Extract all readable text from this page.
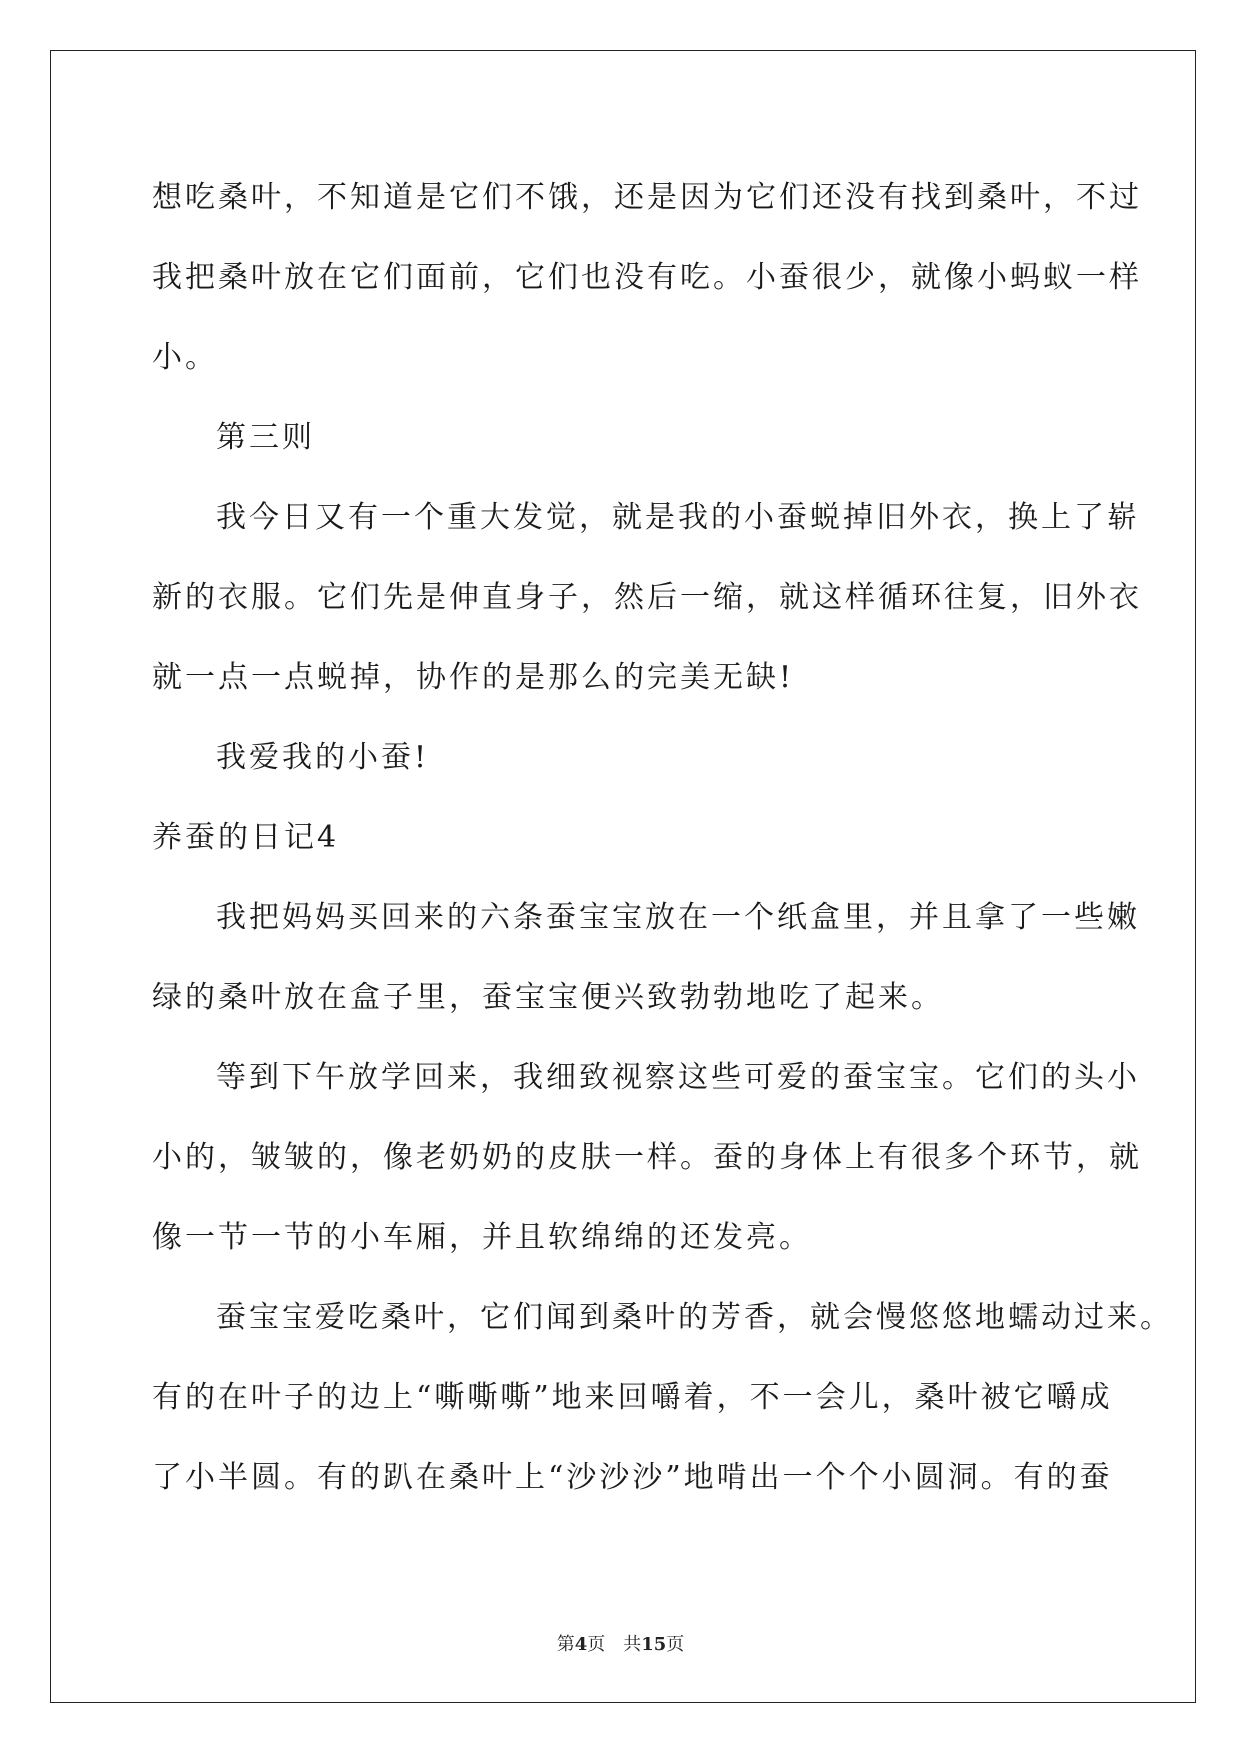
想吃桑叶，不知道是它们不饿，还是因为它们还没有找到桑叶，不过
我把桑叶放在它们面前，它们也没有吃。小蚕很少，就像小蚂蚁一样
小。
第三则
我今日又有一个重大发觉，就是我的小蚕蜕掉旧外衣，换上了崭
新的衣服。它们先是伸直身子，然后一缩，就这样循环往复，旧外衣
就一点一点蜕掉，协作的是那么的完美无缺!
我爱我的小蚕!
养蚕的日记4
我把妈妈买回来的六条蚕宝宝放在一个纸盒里，并且拿了一些嫩
绿的桑叶放在盒子里，蚕宝宝便兴致勃勃地吃了起来。
等到下午放学回来，我细致视察这些可爱的蚕宝宝。它们的头小
小的，皱皱的，像老奶奶的皮肤一样。蚕的身体上有很多个环节，就
像一节一节的小车厢，并且软绵绵的还发亮。
蚕宝宝爱吃桑叶，它们闻到桑叶的芳香，就会慢悠悠地蠕动过来。
有的在叶子的边上“嘶嘶嘶”地来回嚼着，不一会儿，桑叶被它嚼成
了小半圆。有的趴在桑叶上“沙沙沙”地啃出一个个小圆洞。有的蚕
第4页 共15页
